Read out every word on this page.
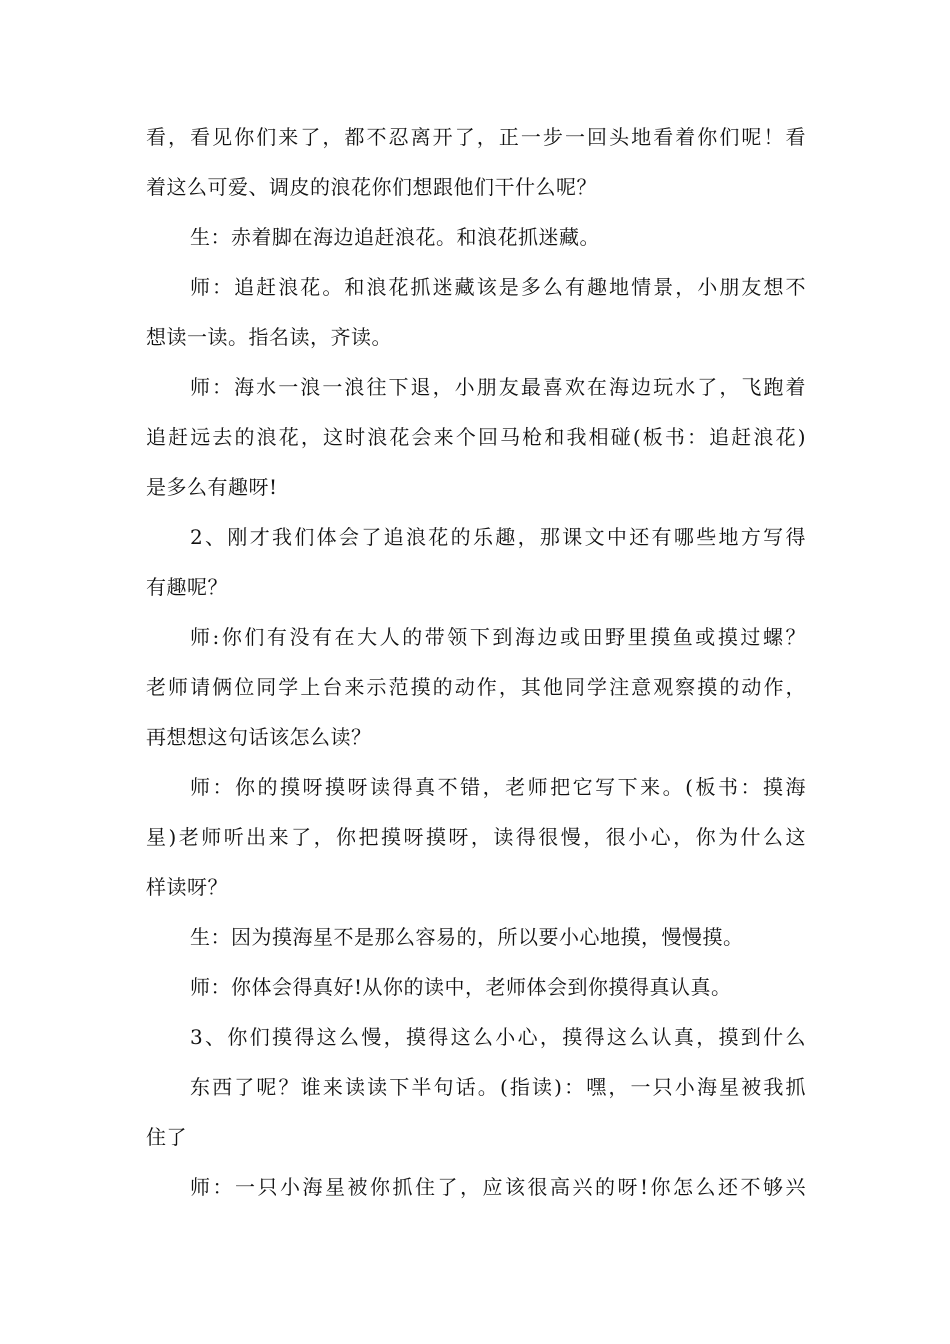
看，看见你们来了，都不忍离开了，正一步一回头地看着你们呢！看
着这么可爱、调皮的浪花你们想跟他们干什么呢？
生：赤着脚在海边追赶浪花。和浪花抓迷藏。
师：追赶浪花。和浪花抓迷藏该是多么有趣地情景，小朋友想不
想读一读。指名读，齐读。
师：海水一浪一浪往下退，小朋友最喜欢在海边玩水了，飞跑着
追赶远去的浪花，这时浪花会来个回马枪和我相碰(板书：追赶浪花)
是多么有趣呀!
2、刚才我们体会了追浪花的乐趣，那课文中还有哪些地方写得
有趣呢？
师:你们有没有在大人的带领下到海边或田野里摸鱼或摸过螺？
老师请俩位同学上台来示范摸的动作，其他同学注意观察摸的动作，
再想想这句话该怎么读？
师：你的摸呀摸呀读得真不错，老师把它写下来。(板书：摸海
星)老师听出来了，你把摸呀摸呀，读得很慢，很小心，你为什么这
样读呀？
生：因为摸海星不是那么容易的，所以要小心地摸，慢慢摸。
师：你体会得真好!从你的读中，老师体会到你摸得真认真。
3、你们摸得这么慢，摸得这么小心，摸得这么认真，摸到什么
东西了呢？谁来读读下半句话。(指读)：嘿，一只小海星被我抓
住了
师：一只小海星被你抓住了，应该很高兴的呀!你怎么还不够兴
